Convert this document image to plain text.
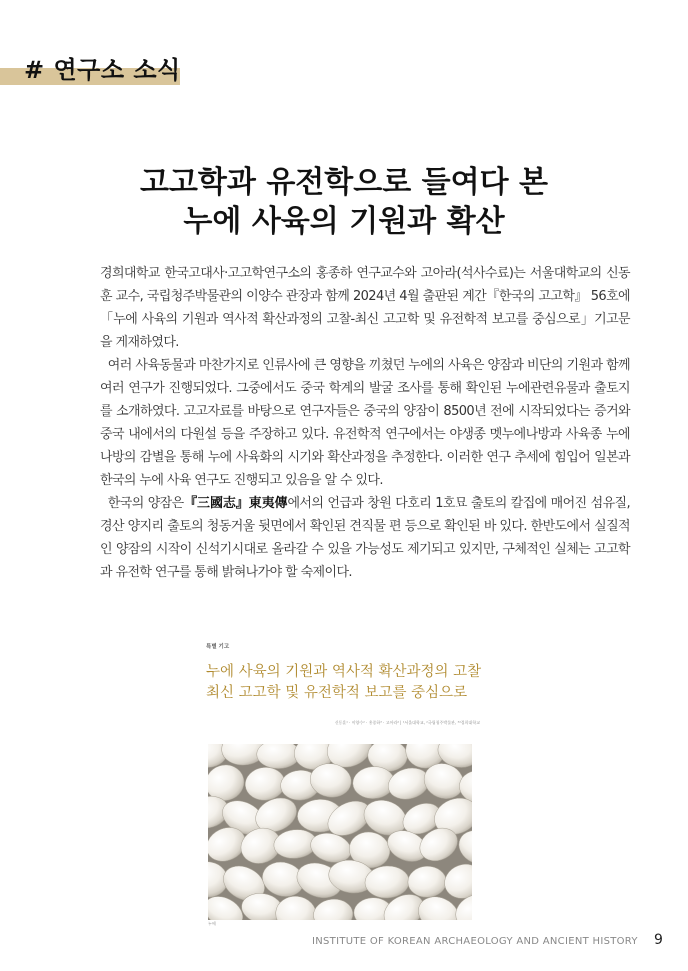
# 연구소 소식
고고학과 유전학으로 들여다 본
누에 사육의 기원과 확산

경희대학교 한국고대사·고고학연구소의 홍종하 연구교수와 고아라(석사수료)는 서울대학교의 신동훈 교수, 국립청주박물관의 이양수 관장과 함께 2024년 4월 출판된 계간『한국의 고고학』 56호에「누에 사육의 기원과 역사적 확산과정의 고찰-최신 고고학 및 유전학적 보고를 중심으로」기고문을 게재하였다.

여러 사육동물과 마찬가지로 인류사에 큰 영향을 끼쳤던 누에의 사육은 양잠과 비단의 기원과 함께 여러 연구가 진행되었다. 그중에서도 중국 학계의 발굴 조사를 통해 확인된 누에관련유물과 출토지를 소개하였다. 고고자료를 바탕으로 연구자들은 중국의 양잠이 8500년 전에 시작되었다는 증거와 중국 내에서의 다원설 등을 주장하고 있다. 유전학적 연구에서는 야생종 멧누에나방과 사육종 누에나방의 감별을 통해 누에 사육화의 시기와 확산과정을 추정한다. 이러한 연구 추세에 힘입어 일본과 한국의 누에 사육 연구도 진행되고 있음을 알 수 있다.

한국의 양잠은『三國志』東夷傳에서의 언급과 창원 다호리 1호묘 출토의 칼집에 매어진 섬유질, 경산 양지리 출토의 청동거울 뒷면에서 확인된 견직물 편 등으로 확인된 바 있다. 한반도에서 실질적인 양잠의 시작이 신석기시대로 올라갈 수 있을 가능성도 제기되고 있지만, 구체적인 실체는 고고학과 유전학 연구를 통해 밝혀나가야 할 숙제이다.

특별 기고
누에 사육의 기원과 역사적 확산과정의 고찰
최신 고고학 및 유전학적 보고를 중심으로
신동훈¹ · 이양수² · 홍종하³ · 고아라⁴ | ¹서울대학교, ²국립청주박물관, ³⁴경희대학교
누에
INSTITUTE OF KOREAN ARCHAEOLOGY AND ANCIENT HISTORY 9
